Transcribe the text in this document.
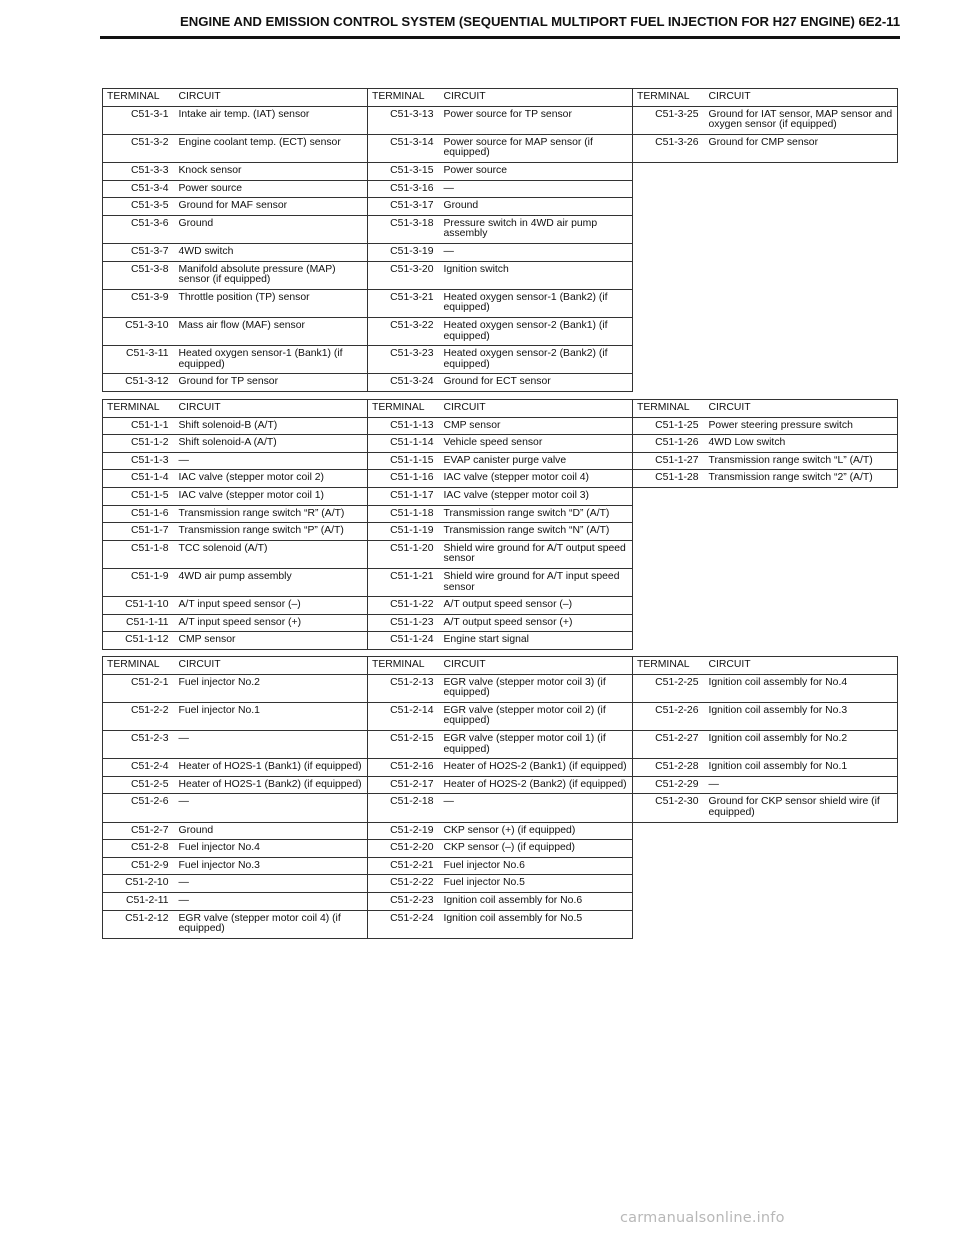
ENGINE AND EMISSION CONTROL SYSTEM (SEQUENTIAL MULTIPORT FUEL INJECTION FOR H27 ENGINE) 6E2-11
TERMINAL	CIRCUIT	TERMINAL	CIRCUIT	TERMINAL	CIRCUIT
C51-3-1	Intake air temp. (IAT) sensor	C51-3-13	Power source for TP sensor	C51-3-25	Ground for IAT sensor, MAP sensor and oxygen sensor (if equipped)
C51-3-2	Engine coolant temp. (ECT) sensor	C51-3-14	Power source for MAP sensor (if equipped)	C51-3-26	Ground for CMP sensor
C51-3-3	Knock sensor	C51-3-15	Power source		
C51-3-4	Power source	C51-3-16	—		
C51-3-5	Ground for MAF sensor	C51-3-17	Ground		
C51-3-6	Ground	C51-3-18	Pressure switch in 4WD air pump assembly		
C51-3-7	4WD switch	C51-3-19	—		
C51-3-8	Manifold absolute pressure (MAP) sensor (if equipped)	C51-3-20	Ignition switch		
C51-3-9	Throttle position (TP) sensor	C51-3-21	Heated oxygen sensor-1 (Bank2) (if equipped)		
C51-3-10	Mass air flow (MAF) sensor	C51-3-22	Heated oxygen sensor-2 (Bank1) (if equipped)		
C51-3-11	Heated oxygen sensor-1 (Bank1) (if equipped)	C51-3-23	Heated oxygen sensor-2 (Bank2) (if equipped)		
C51-3-12	Ground for TP sensor	C51-3-24	Ground for ECT sensor		
TERMINAL	CIRCUIT	TERMINAL	CIRCUIT	TERMINAL	CIRCUIT
C51-1-1	Shift solenoid-B (A/T)	C51-1-13	CMP sensor	C51-1-25	Power steering pressure switch
C51-1-2	Shift solenoid-A (A/T)	C51-1-14	Vehicle speed sensor	C51-1-26	4WD Low switch
C51-1-3	—	C51-1-15	EVAP canister purge valve	C51-1-27	Transmission range switch “L” (A/T)
C51-1-4	IAC valve (stepper motor coil 2)	C51-1-16	IAC valve (stepper motor coil 4)	C51-1-28	Transmission range switch “2” (A/T)
C51-1-5	IAC valve (stepper motor coil 1)	C51-1-17	IAC valve (stepper motor coil 3)		
C51-1-6	Transmission range switch “R” (A/T)	C51-1-18	Transmission range switch “D” (A/T)		
C51-1-7	Transmission range switch “P” (A/T)	C51-1-19	Transmission range switch “N” (A/T)		
C51-1-8	TCC solenoid (A/T)	C51-1-20	Shield wire ground for A/T output speed sensor		
C51-1-9	4WD air pump assembly	C51-1-21	Shield wire ground for A/T input speed sensor		
C51-1-10	A/T input speed sensor (–)	C51-1-22	A/T output speed sensor (–)		
C51-1-11	A/T input speed sensor (+)	C51-1-23	A/T output speed sensor (+)		
C51-1-12	CMP sensor	C51-1-24	Engine start signal		
TERMINAL	CIRCUIT	TERMINAL	CIRCUIT	TERMINAL	CIRCUIT
C51-2-1	Fuel injector No.2	C51-2-13	EGR valve (stepper motor coil 3) (if equipped)	C51-2-25	Ignition coil assembly for No.4
C51-2-2	Fuel injector No.1	C51-2-14	EGR valve (stepper motor coil 2) (if equipped)	C51-2-26	Ignition coil assembly for No.3
C51-2-3	—	C51-2-15	EGR valve (stepper motor coil 1) (if equipped)	C51-2-27	Ignition coil assembly for No.2
C51-2-4	Heater of HO2S-1 (Bank1) (if equipped)	C51-2-16	Heater of HO2S-2 (Bank1) (if equipped)	C51-2-28	Ignition coil assembly for No.1
C51-2-5	Heater of HO2S-1 (Bank2) (if equipped)	C51-2-17	Heater of HO2S-2 (Bank2) (if equipped)	C51-2-29	—
C51-2-6	—	C51-2-18	—	C51-2-30	Ground for CKP sensor shield wire (if equipped)
C51-2-7	Ground	C51-2-19	CKP sensor (+) (if equipped)		
C51-2-8	Fuel injector No.4	C51-2-20	CKP sensor (–) (if equipped)		
C51-2-9	Fuel injector No.3	C51-2-21	Fuel injector No.6		
C51-2-10	—	C51-2-22	Fuel injector No.5		
C51-2-11	—	C51-2-23	Ignition coil assembly for No.6		
C51-2-12	EGR valve (stepper motor coil 4) (if equipped)	C51-2-24	Ignition coil assembly for No.5		
carmanualsonline.info
